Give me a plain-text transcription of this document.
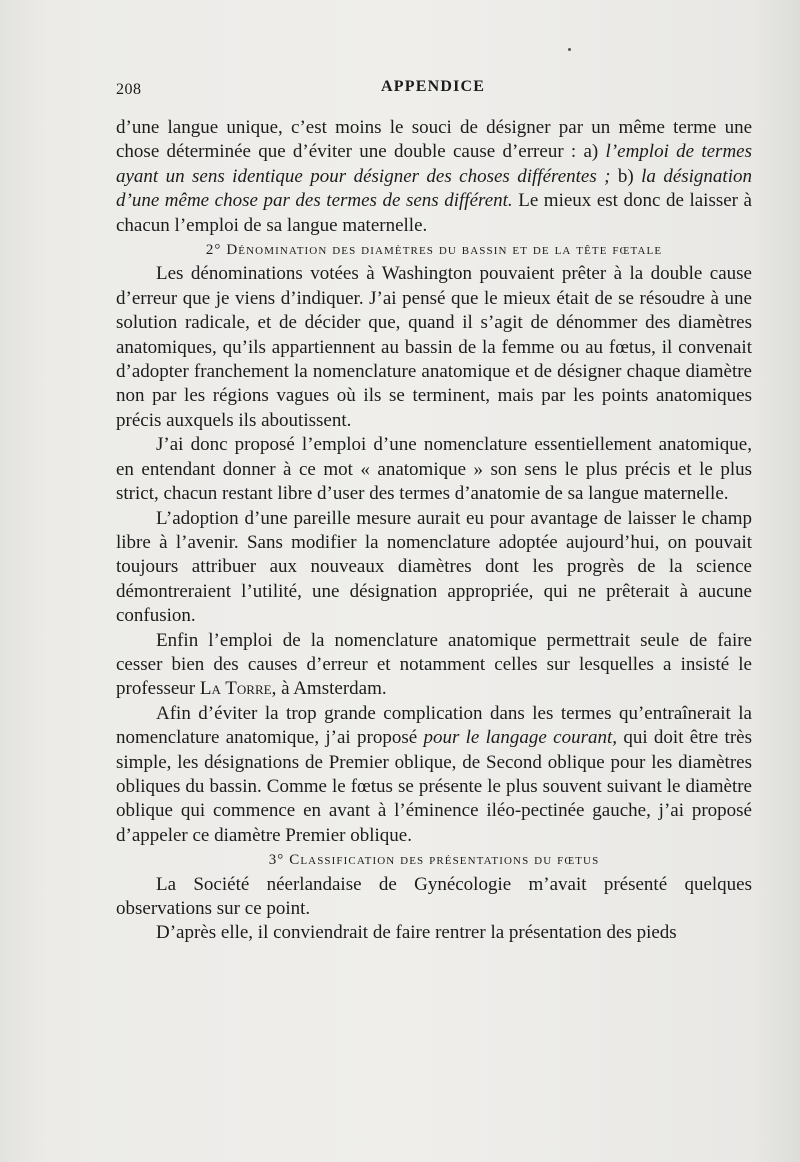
208	APPENDICE

d’une langue unique, c’est moins le souci de désigner par un même terme une chose déterminée que d’éviter une double cause d’erreur : a) l’emploi de termes ayant un sens identique pour désigner des choses différentes ; b) la désignation d’une même chose par des termes de sens différent. Le mieux est donc de laisser à chacun l’emploi de sa langue maternelle.

2° Dénomination des diamètres du bassin et de la tête fœtale

Les dénominations votées à Washington pouvaient prêter à la double cause d’erreur que je viens d’indiquer. J’ai pensé que le mieux était de se résoudre à une solution radicale, et de décider que, quand il s’agit de dénommer des diamètres anatomiques, qu’ils appartiennent au bassin de la femme ou au fœtus, il convenait d’adopter franchement la nomenclature anatomique et de désigner chaque diamètre non par les régions vagues où ils se terminent, mais par les points anatomiques précis auxquels ils aboutissent.

J’ai donc proposé l’emploi d’une nomenclature essentiellement anatomique, en entendant donner à ce mot « anatomique » son sens le plus précis et le plus strict, chacun restant libre d’user des termes d’anatomie de sa langue maternelle.

L’adoption d’une pareille mesure aurait eu pour avantage de laisser le champ libre à l’avenir. Sans modifier la nomenclature adoptée aujourd’hui, on pouvait toujours attribuer aux nouveaux diamètres dont les progrès de la science démontreraient l’utilité, une désignation appropriée, qui ne prêterait à aucune confusion.

Enfin l’emploi de la nomenclature anatomique permettrait seule de faire cesser bien des causes d’erreur et notamment celles sur lesquelles a insisté le professeur La Torre, à Amsterdam.

Afin d’éviter la trop grande complication dans les termes qu’entraînerait la nomenclature anatomique, j’ai proposé pour le langage courant, qui doit être très simple, les désignations de Premier oblique, de Second oblique pour les diamètres obliques du bassin. Comme le fœtus se présente le plus souvent suivant le diamètre oblique qui commence en avant à l’éminence iléo-pectinée gauche, j’ai proposé d’appeler ce diamètre Premier oblique.

3° Classification des présentations du fœtus

La Société néerlandaise de Gynécologie m’avait présenté quelques observations sur ce point.

D’après elle, il conviendrait de faire rentrer la présentation des pieds
